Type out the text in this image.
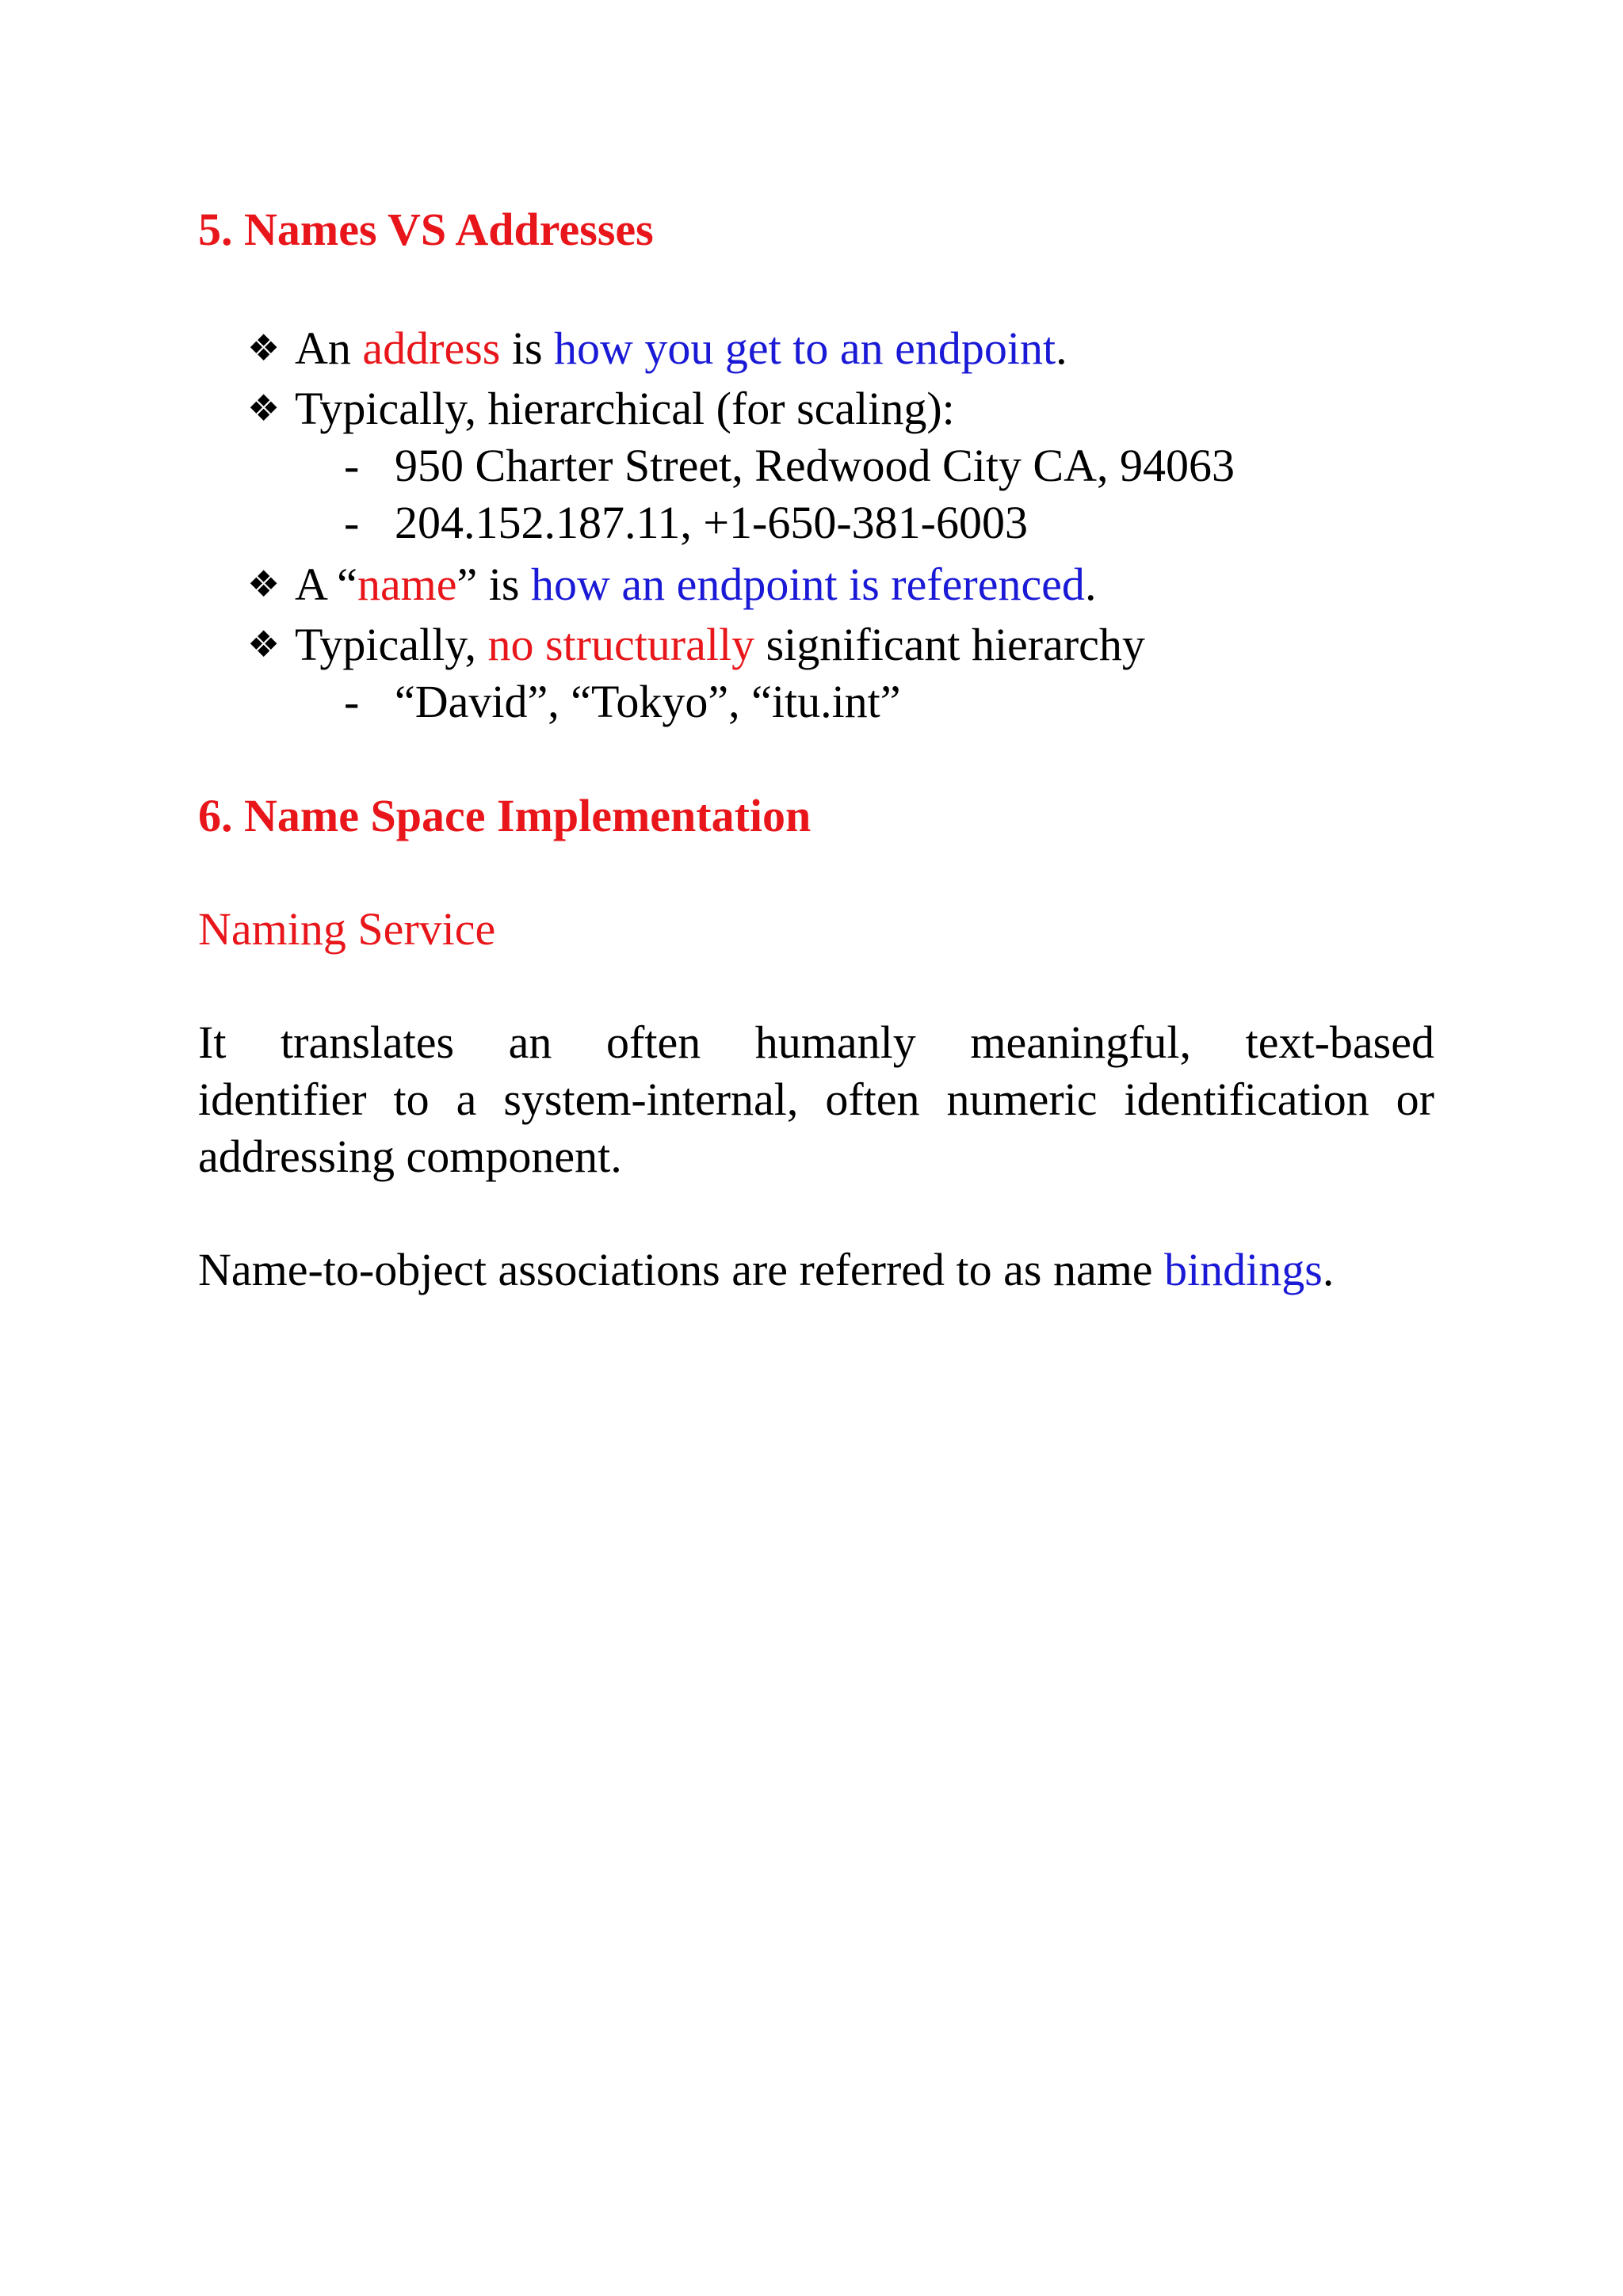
5. Names VS Addresses
❖ An address is how you get to an endpoint.
❖ Typically, hierarchical (for scaling):
- 950 Charter Street, Redwood City CA, 94063
- 204.152.187.11, +1-650-381-6003
❖ A “name” is how an endpoint is referenced.
❖ Typically, no structurally significant hierarchy
- “David”, “Tokyo”, “itu.int”
6. Name Space Implementation
Naming Service
It translates an often humanly meaningful, text-based
identifier to a system-internal, often numeric identification or
addressing component.
Name-to-object associations are referred to as name bindings.
